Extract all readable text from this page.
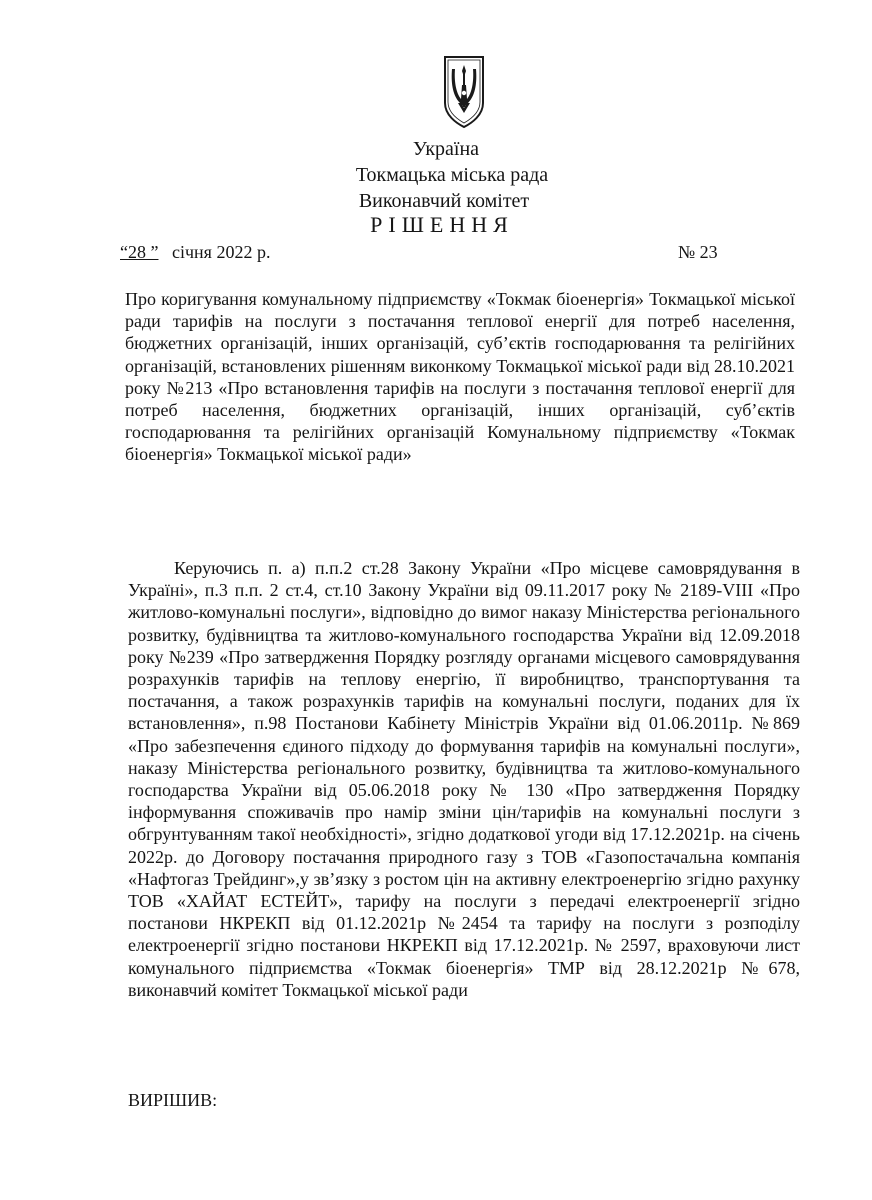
Україна
Токмацька міська рада
Виконавчий комітет
РІШЕННЯ
“28 ” січня 2022 р.	№ 23
Про коригування комунальному підприємству «Токмак біоенергія» Токмацької міської ради тарифів на послуги з постачання теплової енергії для потреб населення, бюджетних організацій, інших організацій, суб’єктів господарювання та релігійних організацій, встановлених рішенням виконкому Токмацької міської ради від 28.10.2021 року №213 «Про встановлення тарифів на послуги з постачання теплової енергії для потреб населення, бюджетних організацій, інших організацій, суб’єктів господарювання та релігійних організацій Комунальному підприємству «Токмак біоенергія» Токмацької міської ради»
Керуючись п. а) п.п.2 ст.28 Закону України «Про місцеве самоврядування в Україні», п.3 п.п. 2 ст.4, ст.10 Закону України від 09.11.2017 року № 2189-VIII «Про житлово-комунальні послуги», відповідно до вимог наказу Міністерства регіонального розвитку, будівництва та житлово-комунального господарства України від 12.09.2018 року №239 «Про затвердження Порядку розгляду органами місцевого самоврядування розрахунків тарифів на теплову енергію, її виробництво, транспортування та постачання, а також розрахунків тарифів на комунальні послуги, поданих для їх встановлення», п.98 Постанови Кабінету Міністрів України від 01.06.2011р. №869 «Про забезпечення єдиного підходу до формування тарифів на комунальні послуги», наказу Міністерства регіонального розвитку, будівництва та житлово-комунального господарства України від 05.06.2018 року № 130 «Про затвердження Порядку інформування споживачів про намір зміни цін/тарифів на комунальні послуги з обгрунтуванням такої необхідності», згідно додаткової угоди від 17.12.2021р. на січень 2022р. до Договору постачання природного газу з ТОВ «Газопостачальна компанія «Нафтогаз Трейдинг»,у зв’язку з ростом цін на активну електроенергію згідно рахунку ТОВ «ХАЙАТ ЕСТЕЙТ», тарифу на послуги з передачі електроенергії згідно постанови НКРЕКП від 01.12.2021р №2454 та тарифу на послуги з розподілу електроенергії згідно постанови НКРЕКП від 17.12.2021р. № 2597, враховуючи лист комунального підприємства «Токмак біоенергія» ТМР від 28.12.2021р №678, виконавчий комітет Токмацької міської ради
ВИРІШИВ:
